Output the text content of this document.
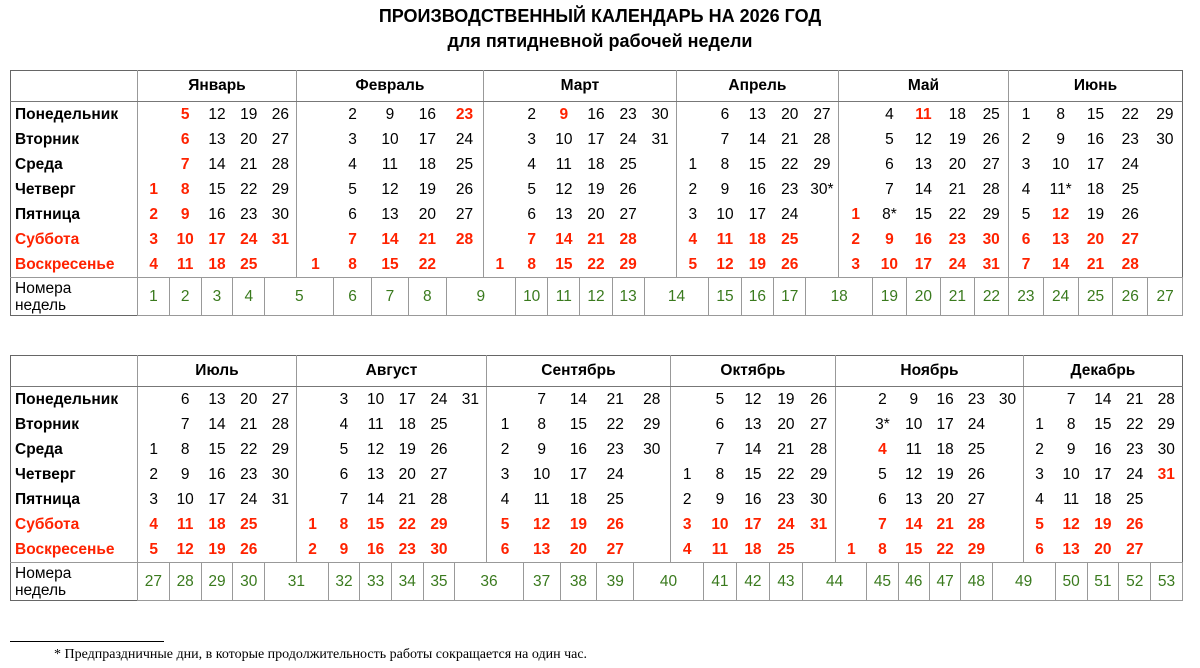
ПРОИЗВОДСТВЕННЫЙ КАЛЕНДАРЬ НА 2026 ГОД
для пятидневной рабочей недели
	Январь					Февраль					Март						Апрель					Май					Июнь				
Понедельник		5	12	19	26		2	9	16	23		2	9	16	23	30		6	13	20	27		4	11	18	25	1	8	15	22	29
Вторник		6	13	20	27		3	10	17	24		3	10	17	24	31		7	14	21	28		5	12	19	26	2	9	16	23	30
Среда		7	14	21	28		4	11	18	25		4	11	18	25		1	8	15	22	29		6	13	20	27	3	10	17	24	
Четверг	1	8	15	22	29		5	12	19	26		5	12	19	26		2	9	16	23	30*		7	14	21	28	4	11*	18	25	
Пятница	2	9	16	23	30		6	13	20	27		6	13	20	27		3	10	17	24		1	8*	15	22	29	5	12	19	26	
Суббота	3	10	17	24	31		7	14	21	28		7	14	21	28		4	11	18	25		2	9	16	23	30	6	13	20	27	
Воскресенье	4	11	18	25		1	8	15	22		1	8	15	22	29		5	12	19	26		3	10	17	24	31	7	14	21	28	
Номера
недель	1	2	3	4	5		6	7	8	9		10	11	12	13	14		15	16	17	18		19	20	21	22	23	24	25	26	27
	Июль					Август						Сентябрь					Октябрь					Ноябрь						Декабрь				
Понедельник		6	13	20	27		3	10	17	24	31		7	14	21	28		5	12	19	26		2	9	16	23	30		7	14	21	28
Вторник		7	14	21	28		4	11	18	25		1	8	15	22	29		6	13	20	27		3*	10	17	24		1	8	15	22	29
Среда	1	8	15	22	29		5	12	19	26		2	9	16	23	30		7	14	21	28		4	11	18	25		2	9	16	23	30
Четверг	2	9	16	23	30		6	13	20	27		3	10	17	24		1	8	15	22	29		5	12	19	26		3	10	17	24	31
Пятница	3	10	17	24	31		7	14	21	28		4	11	18	25		2	9	16	23	30		6	13	20	27		4	11	18	25	
Суббота	4	11	18	25		1	8	15	22	29		5	12	19	26		3	10	17	24	31		7	14	21	28		5	12	19	26	
Воскресенье	5	12	19	26		2	9	16	23	30		6	13	20	27		4	11	18	25		1	8	15	22	29		6	13	20	27	
Номера
недель	27	28	29	30	31		32	33	34	35	36		37	38	39	40		41	42	43	44		45	46	47	48	49		50	51	52	53
* Предпраздничные дни, в которые продолжительность работы сокращается на один час.
